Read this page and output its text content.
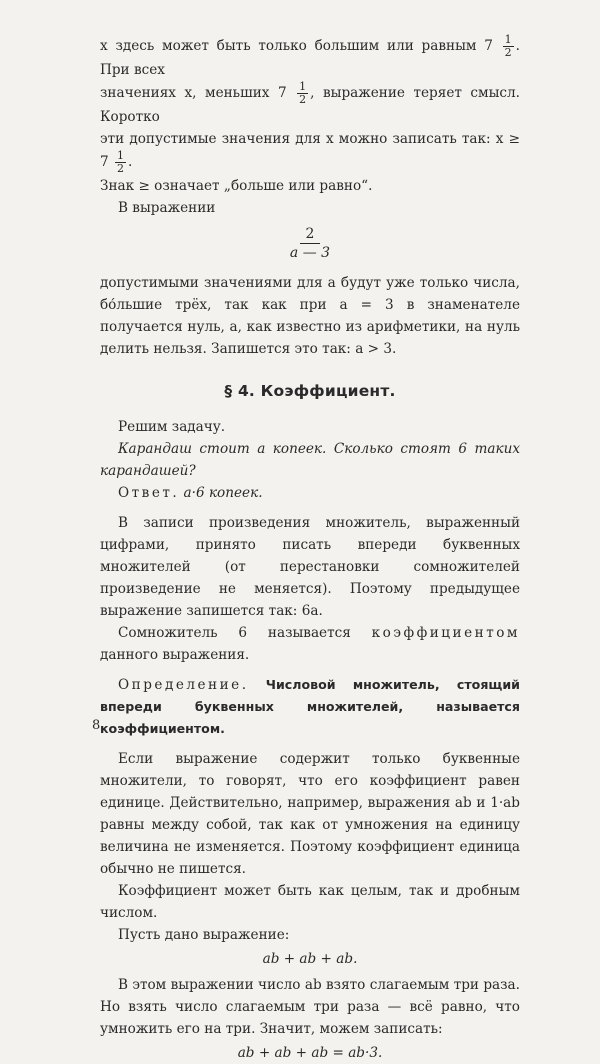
x здесь может быть только большим или равным $7 \frac{1}{2}$ . При всех

значениях x, меньших $7 \frac{1}{2}$ , выражение теряет смысл. Коротко

эти допустимые значения для x можно записать так: $x \ge 7 \frac{1}{2}$ .

Знак ≥ означает „больше или равно“.

В выражении

2
a — 3

допустимыми значениями для a будут уже только числа, бо́льшие трёх, так как при a = 3 в знаменателе получается нуль, а, как известно из арифметики, на нуль делить нельзя. Запишется это так: a > 3.

§ 4. Коэффициент.

Решим задачу.

Карандаш стоит a копеек. Сколько стоят 6 таких карандашей?

Ответ. a·6 копеек.

В записи произведения множитель, выраженный цифрами, принято писать впереди буквенных множителей (от перестановки сомножителей произведение не меняется). Поэтому предыдущее выражение запишется так: 6a.

Сомножитель 6 называется коэффициентом данного выражения.

Определение. Числовой множитель, стоящий впереди буквенных множителей, называется коэффициентом.

Если выражение содержит только буквенные множители, то говорят, что его коэффициент равен единице. Действительно, например, выражения ab и 1·ab равны между собой, так как от умножения на единицу величина не изменяется. Поэтому коэффициент единица обычно не пишется.

Коэффициент может быть как целым, так и дробным числом.

Пусть дано выражение:

ab + ab + ab.

В этом выражении число ab взято слагаемым три раза. Но взять число слагаемым три раза — всё равно, что умножить его на три. Значит, можем записать:

ab + ab + ab = ab·3.
8
